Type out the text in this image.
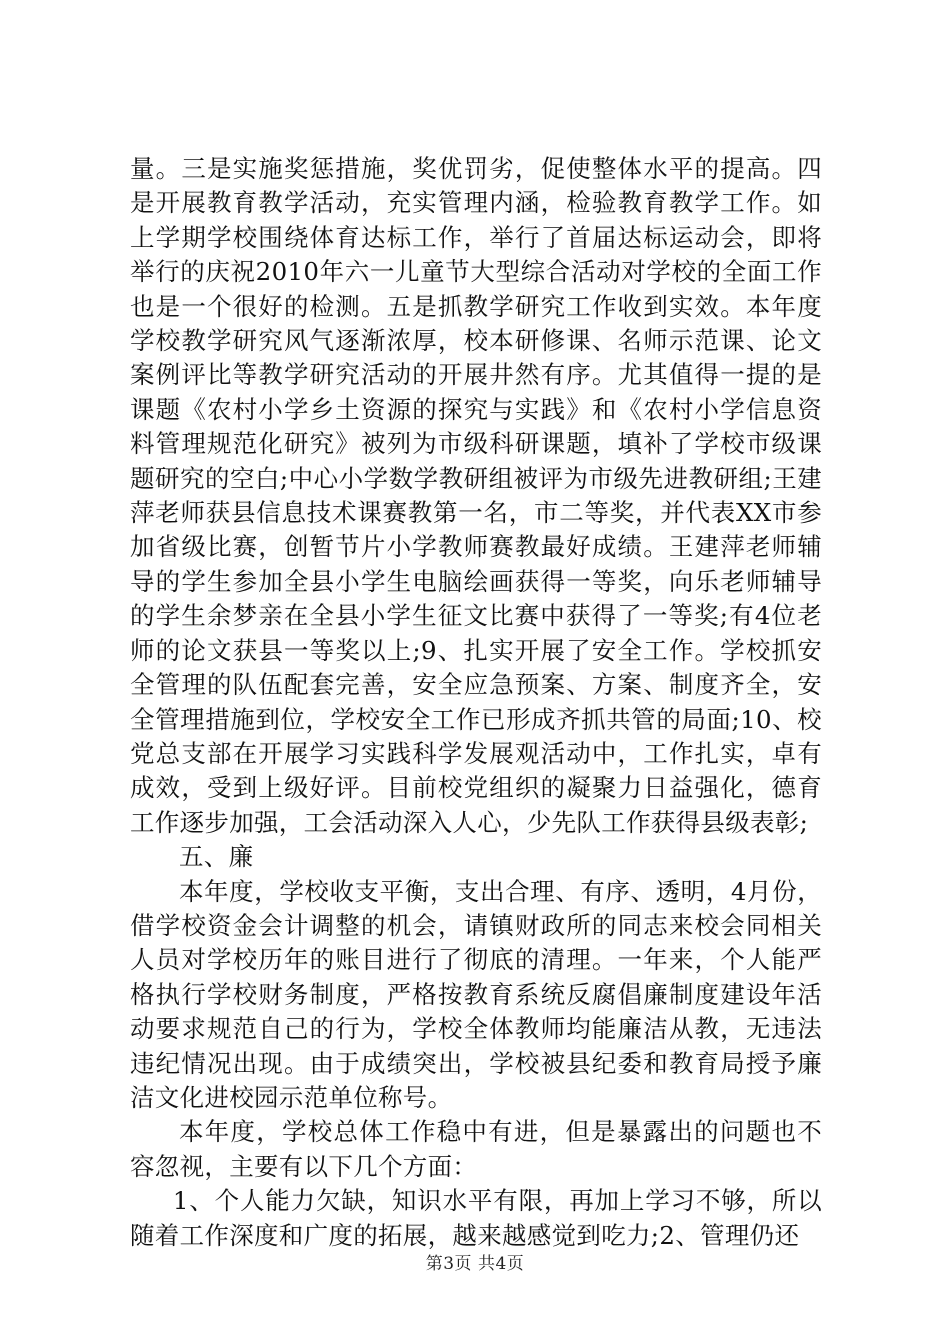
量。三是实施奖惩措施，奖优罚劣，促使整体水平的提高。四是开展教育教学活动，充实管理内涵，检验教育教学工作。如上学期学校围绕体育达标工作，举行了首届达标运动会，即将举行的庆祝2010年六一儿童节大型综合活动对学校的全面工作也是一个很好的检测。五是抓教学研究工作收到实效。本年度学校教学研究风气逐渐浓厚，校本研修课、名师示范课、论文案例评比等教学研究活动的开展井然有序。尤其值得一提的是课题《农村小学乡土资源的探究与实践》和《农村小学信息资料管理规范化研究》被列为市级科研课题，填补了学校市级课题研究的空白;中心小学数学教研组被评为市级先进教研组;王建萍老师获县信息技术课赛教第一名，市二等奖，并代表XX市参加省级比赛，创暂节片小学教师赛教最好成绩。王建萍老师辅导的学生参加全县小学生电脑绘画获得一等奖，向乐老师辅导的学生余梦亲在全县小学生征文比赛中获得了一等奖;有4位老师的论文获县一等奖以上;9、扎实开展了安全工作。学校抓安全管理的队伍配套完善，安全应急预案、方案、制度齐全，安全管理措施到位，学校安全工作已形成齐抓共管的局面;10、校党总支部在开展学习实践科学发展观活动中，工作扎实，卓有成效，受到上级好评。目前校党组织的凝聚力日益强化，德育工作逐步加强，工会活动深入人心，少先队工作获得县级表彰;

五、廉

本年度，学校收支平衡，支出合理、有序、透明，4月份，借学校资金会计调整的机会，请镇财政所的同志来校会同相关人员对学校历年的账目进行了彻底的清理。一年来，个人能严格执行学校财务制度，严格按教育系统反腐倡廉制度建设年活动要求规范自己的行为，学校全体教师均能廉洁从教，无违法违纪情况出现。由于成绩突出，学校被县纪委和教育局授予廉洁文化进校园示范单位称号。

本年度，学校总体工作稳中有进，但是暴露出的问题也不容忽视，主要有以下几个方面：

1、个人能力欠缺，知识水平有限，再加上学习不够，所以随着工作深度和广度的拓展，越来越感觉到吃力;2、管理仍还

第3页 共4页
